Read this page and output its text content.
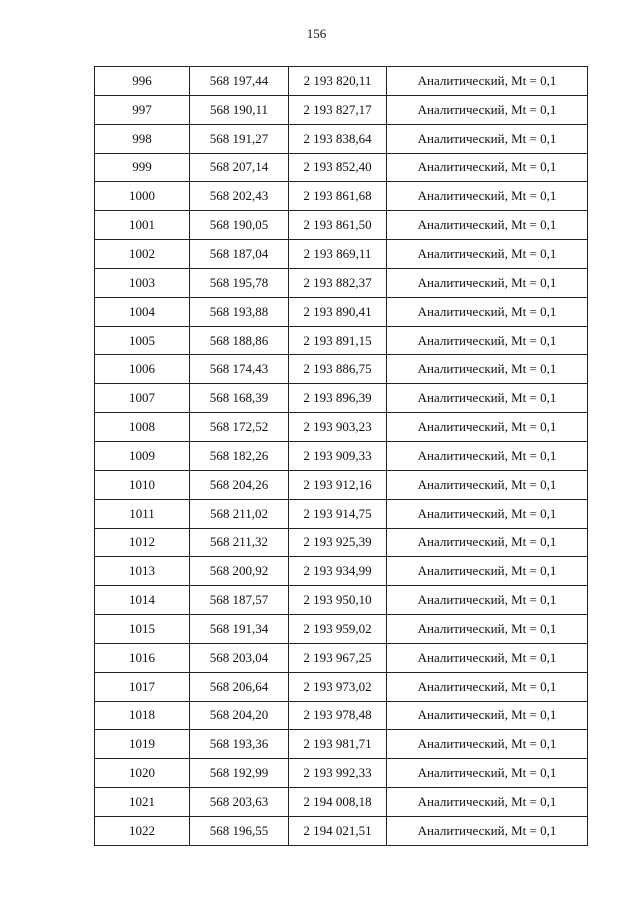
156
996	568 197,44	2 193 820,11	Аналитический, Mt = 0,1
997	568 190,11	2 193 827,17	Аналитический, Mt = 0,1
998	568 191,27	2 193 838,64	Аналитический, Mt = 0,1
999	568 207,14	2 193 852,40	Аналитический, Mt = 0,1
1000	568 202,43	2 193 861,68	Аналитический, Mt = 0,1
1001	568 190,05	2 193 861,50	Аналитический, Mt = 0,1
1002	568 187,04	2 193 869,11	Аналитический, Mt = 0,1
1003	568 195,78	2 193 882,37	Аналитический, Mt = 0,1
1004	568 193,88	2 193 890,41	Аналитический, Mt = 0,1
1005	568 188,86	2 193 891,15	Аналитический, Mt = 0,1
1006	568 174,43	2 193 886,75	Аналитический, Mt = 0,1
1007	568 168,39	2 193 896,39	Аналитический, Mt = 0,1
1008	568 172,52	2 193 903,23	Аналитический, Mt = 0,1
1009	568 182,26	2 193 909,33	Аналитический, Mt = 0,1
1010	568 204,26	2 193 912,16	Аналитический, Mt = 0,1
1011	568 211,02	2 193 914,75	Аналитический, Mt = 0,1
1012	568 211,32	2 193 925,39	Аналитический, Mt = 0,1
1013	568 200,92	2 193 934,99	Аналитический, Mt = 0,1
1014	568 187,57	2 193 950,10	Аналитический, Mt = 0,1
1015	568 191,34	2 193 959,02	Аналитический, Mt = 0,1
1016	568 203,04	2 193 967,25	Аналитический, Mt = 0,1
1017	568 206,64	2 193 973,02	Аналитический, Mt = 0,1
1018	568 204,20	2 193 978,48	Аналитический, Mt = 0,1
1019	568 193,36	2 193 981,71	Аналитический, Mt = 0,1
1020	568 192,99	2 193 992,33	Аналитический, Mt = 0,1
1021	568 203,63	2 194 008,18	Аналитический, Mt = 0,1
1022	568 196,55	2 194 021,51	Аналитический, Mt = 0,1
